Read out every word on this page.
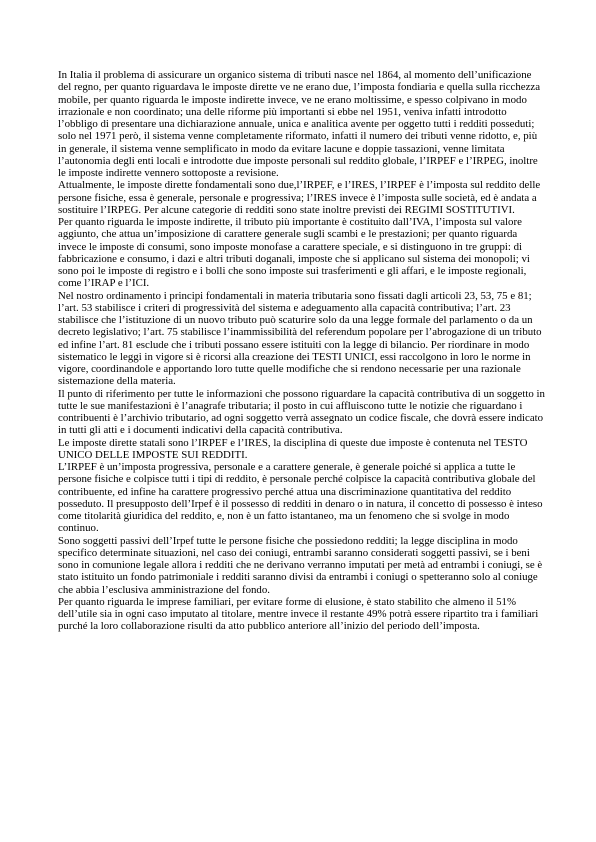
In Italia il problema di assicurare un organico sistema di tributi nasce nel 1864, al momento dell’unificazione del regno, per quanto riguardava le imposte dirette ve ne erano due, l’imposta fondiaria e quella sulla ricchezza mobile, per quanto riguarda le imposte indirette invece, ve ne erano moltissime, e spesso colpivano in modo irrazionale e non coordinato; una delle riforme più importanti si ebbe nel 1951, veniva infatti introdotto l’obbligo di presentare una dichiarazione annuale, unica e analitica avente per oggetto tutti i redditi posseduti; solo nel 1971 però, il sistema venne completamente riformato, infatti il numero dei tributi venne ridotto, e, più in generale, il sistema venne semplificato in modo da evitare lacune e doppie tassazioni, venne limitata l’autonomia degli enti locali e introdotte due imposte personali sul reddito globale, l’IRPEF e l’IRPEG, inoltre le imposte indirette vennero sottoposte a revisione.

Attualmente, le imposte dirette fondamentali sono due,l’IRPEF, e l’IRES, l’IRPEF è l’imposta sul reddito delle persone fisiche, essa è generale, personale e progressiva; l’IRES invece è l’imposta sulle società, ed è andata a sostituire l’IRPEG. Per alcune categorie di redditi sono state inoltre previsti dei REGIMI SOSTITUTIVI.

Per quanto riguarda le imposte indirette, il tributo più importante è costituito dall’IVA, l’imposta sul valore aggiunto, che attua un’imposizione di carattere generale sugli scambi e le prestazioni; per quanto riguarda invece le imposte di consumi, sono imposte monofase a carattere speciale, e si distinguono in tre gruppi: di fabbricazione e consumo, i dazi e altri tributi doganali, imposte che si applicano sul sistema dei monopoli; vi sono poi le imposte di registro e i bolli che sono imposte sui trasferimenti e gli affari, e le imposte regionali, come l’IRAP e l’ICI.

Nel nostro ordinamento i principi fondamentali in materia tributaria sono fissati dagli articoli 23, 53, 75 e 81; l’art. 53 stabilisce i criteri di progressività del sistema e adeguamento alla capacità contributiva; l’art. 23 stabilisce che l’istituzione di un nuovo tributo può scaturire solo da una legge formale del parlamento o da un decreto legislativo; l’art. 75 stabilisce l’inammissibilità del referendum popolare per l’abrogazione di un tributo ed infine l’art. 81 esclude che i tributi possano essere istituiti con la legge di bilancio. Per riordinare in modo sistematico le leggi in vigore si è ricorsi alla creazione dei TESTI UNICI, essi raccolgono in loro le norme in vigore, coordinandole e apportando loro tutte quelle modifiche che si rendono necessarie per una razionale sistemazione della materia.

Il punto di riferimento per tutte le informazioni che possono riguardare la capacità contributiva di un soggetto in tutte le sue manifestazioni è l’anagrafe tributaria; il posto in cui affluiscono tutte le notizie che riguardano i contribuenti è l’archivio tributario, ad ogni soggetto verrà assegnato un codice fiscale, che dovrà essere indicato in tutti gli atti e i documenti indicativi della capacità contributiva.

Le imposte dirette statali sono l’IRPEF e l’IRES, la disciplina di queste due imposte è contenuta nel TESTO UNICO DELLE IMPOSTE SUI REDDITI.

L’IRPEF è un’imposta progressiva, personale e a carattere generale, è generale poiché si applica a tutte le persone fisiche e colpisce tutti i tipi di reddito, è personale perché colpisce la capacità contributiva globale del contribuente, ed infine ha carattere progressivo perché attua una discriminazione quantitativa del reddito posseduto. Il presupposto dell’Irpef è il possesso di redditi in denaro o in natura, il concetto di possesso è inteso come titolarità giuridica del reddito, e, non è un fatto istantaneo, ma un fenomeno che si svolge in modo continuo.

Sono soggetti passivi dell’Irpef tutte le persone fisiche che possiedono redditi; la legge disciplina in modo specifico determinate situazioni, nel caso dei coniugi, entrambi saranno considerati soggetti passivi, se i beni sono in comunione legale allora i redditi che ne derivano verranno imputati per metà ad entrambi i coniugi, se è stato istituito un fondo patrimoniale i redditi saranno divisi da entrambi i coniugi o spetteranno solo al coniuge che abbia l’esclusiva amministrazione del fondo.

Per quanto riguarda le imprese familiari, per evitare forme di elusione, è stato stabilito che almeno il 51% dell’utile sia in ogni caso imputato al titolare, mentre invece il restante 49% potrà essere ripartito tra i familiari purché la loro collaborazione risulti da atto pubblico anteriore all’inizio del periodo dell’imposta.
